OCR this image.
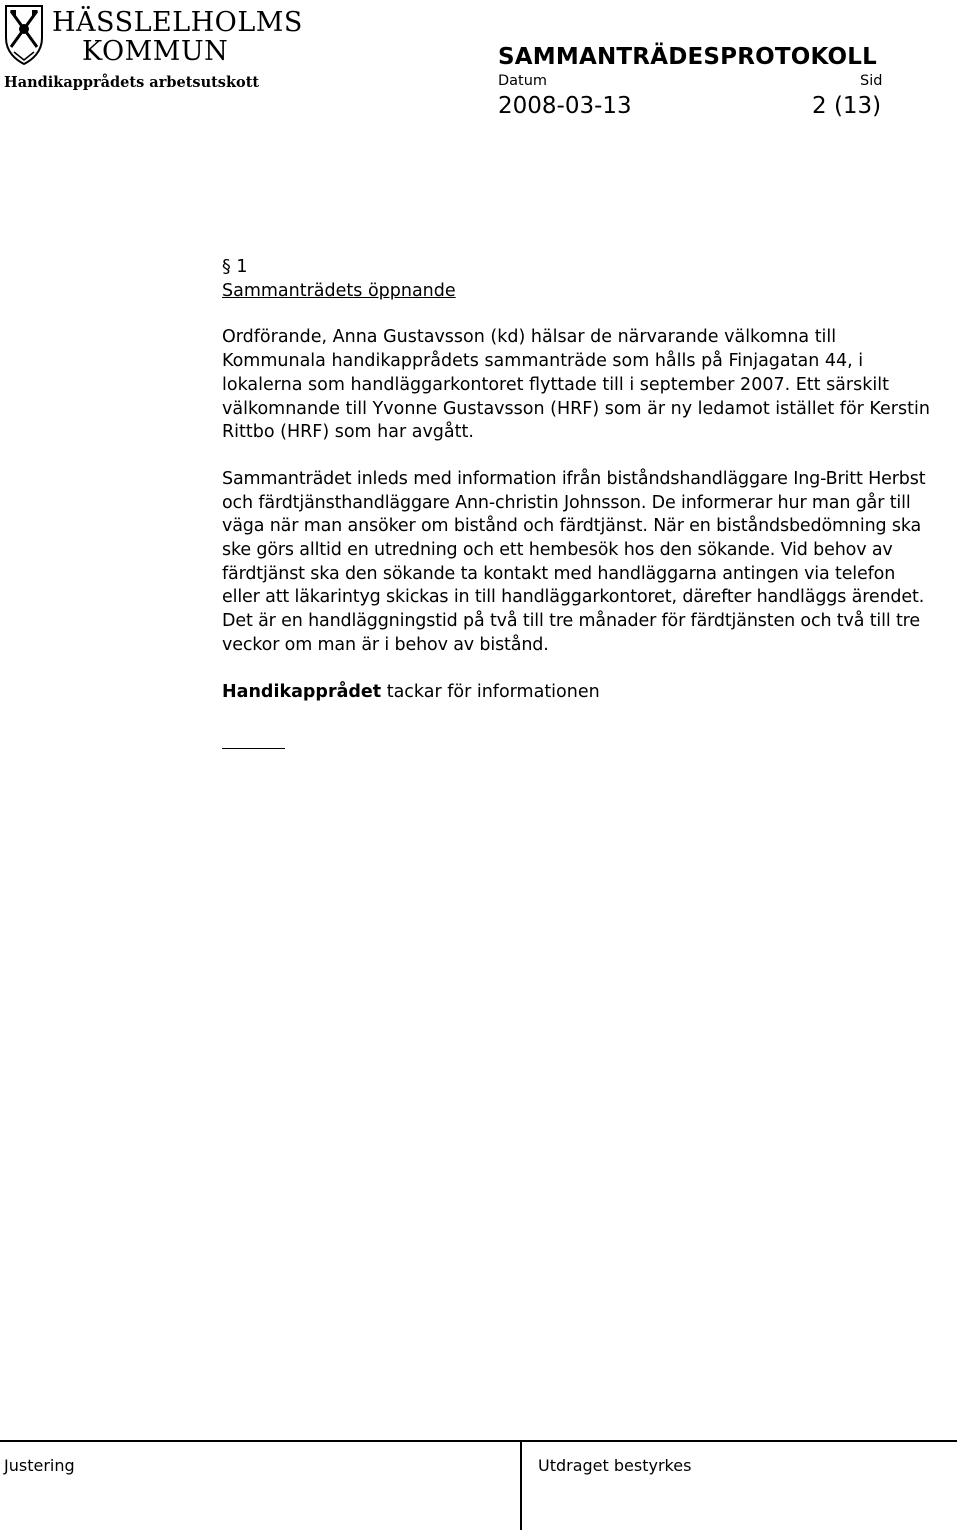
HÄSSLELHOLMS
KOMMUN
Handikapprådets arbetsutskott
SAMMANTRÄDESPROTOKOLL
Datum	Sid
2008-03-13	2 (13)
§ 1
Sammanträdets öppnande

Ordförande, Anna Gustavsson (kd) hälsar de närvarande välkomna till Kommunala handikapprådets sammanträde som hålls på Finjagatan 44, i lokalerna som handläggarkontoret flyttade till i september 2007. Ett särskilt välkomnande till Yvonne Gustavsson (HRF) som är ny ledamot istället för Kerstin Rittbo (HRF) som har avgått.

Sammanträdet inleds med information ifrån biståndshandläggare Ing-Britt Herbst och färdtjänsthandläggare Ann-christin Johnsson. De informerar hur man går till väga när man ansöker om bistånd och färdtjänst. När en biståndsbedömning ska ske görs alltid en utredning och ett hembesök hos den sökande. Vid behov av färdtjänst ska den sökande ta kontakt med handläggarna antingen via telefon eller att läkarintyg skickas in till handläggarkontoret, därefter handläggs ärendet. Det är en handläggningstid på två till tre månader för färdtjänsten och två till tre veckor om man är i behov av bistånd.

Handikapprådet tackar för informationen

Justering	Utdraget bestyrkes
